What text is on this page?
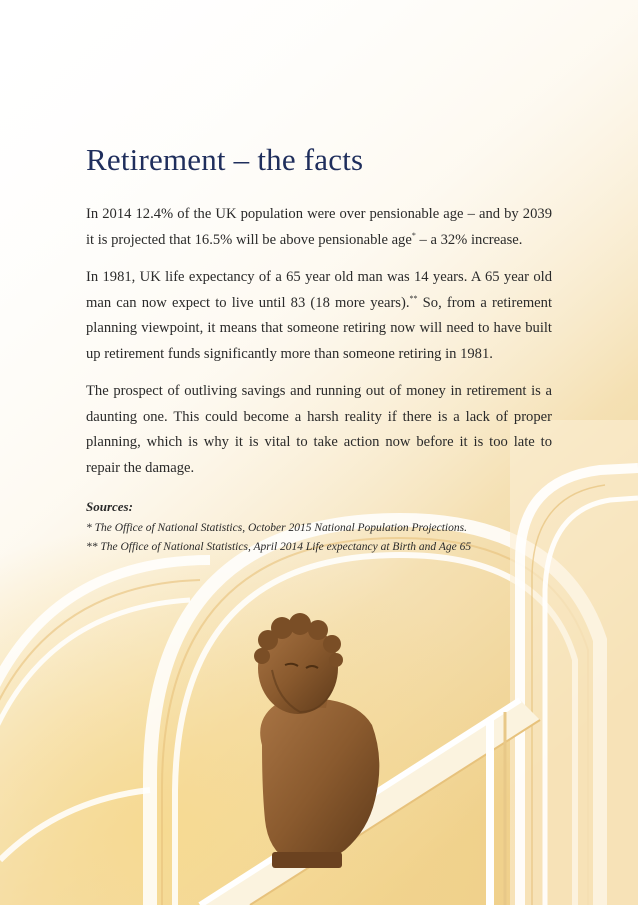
Retirement – the facts

In 2014 12.4% of the UK population were over pensionable age – and by 2039 it is projected that 16.5% will be above pensionable age* – a 32% increase.

In 1981, UK life expectancy of a 65 year old man was 14 years. A 65 year old man can now expect to live until 83 (18 more years).** So, from a retirement planning viewpoint, it means that someone retiring now will need to have built up retirement funds significantly more than someone retiring in 1981.

The prospect of outliving savings and running out of money in retirement is a daunting one. This could become a harsh reality if there is a lack of proper planning, which is why it is vital to take action now before it is too late to repair the damage.

Sources:

* The Office of National Statistics, October 2015 National Population Projections.

** The Office of National Statistics, April 2014 Life expectancy at Birth and Age 65
